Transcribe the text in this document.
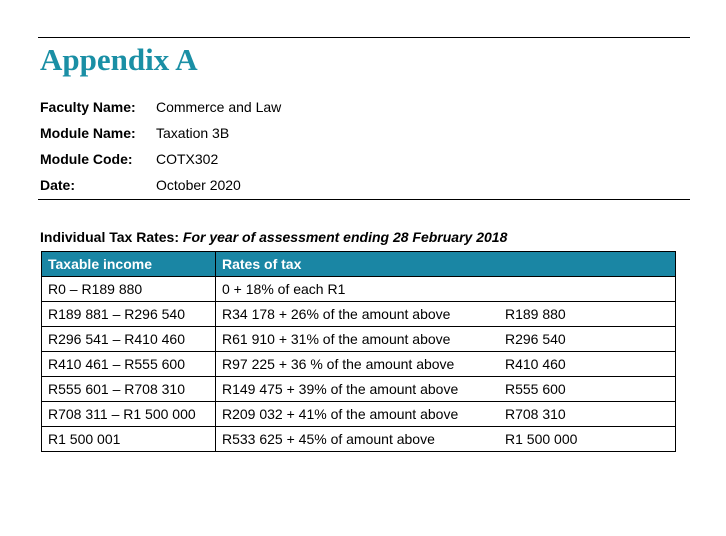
Appendix A
Faculty Name:	Commerce and Law
Module Name:	Taxation 3B
Module Code:	COTX302
Date:	October 2020
Individual Tax Rates: For year of assessment ending 28 February 2018
Taxable income	Rates of tax	
R0 – R189 880	0 + 18% of each R1	
R189 881 – R296 540	R34 178 + 26% of the amount above	R189 880
R296 541 – R410 460	R61 910 + 31% of the amount above	R296 540
R410 461 – R555 600	R97 225 + 36 % of the amount above	R410 460
R555 601 – R708 310	R149 475 + 39% of the amount above	R555 600
R708 311 – R1 500 000	R209 032 + 41% of the amount above	R708 310
R1 500 001	R533 625 + 45% of amount above	R1 500 000
